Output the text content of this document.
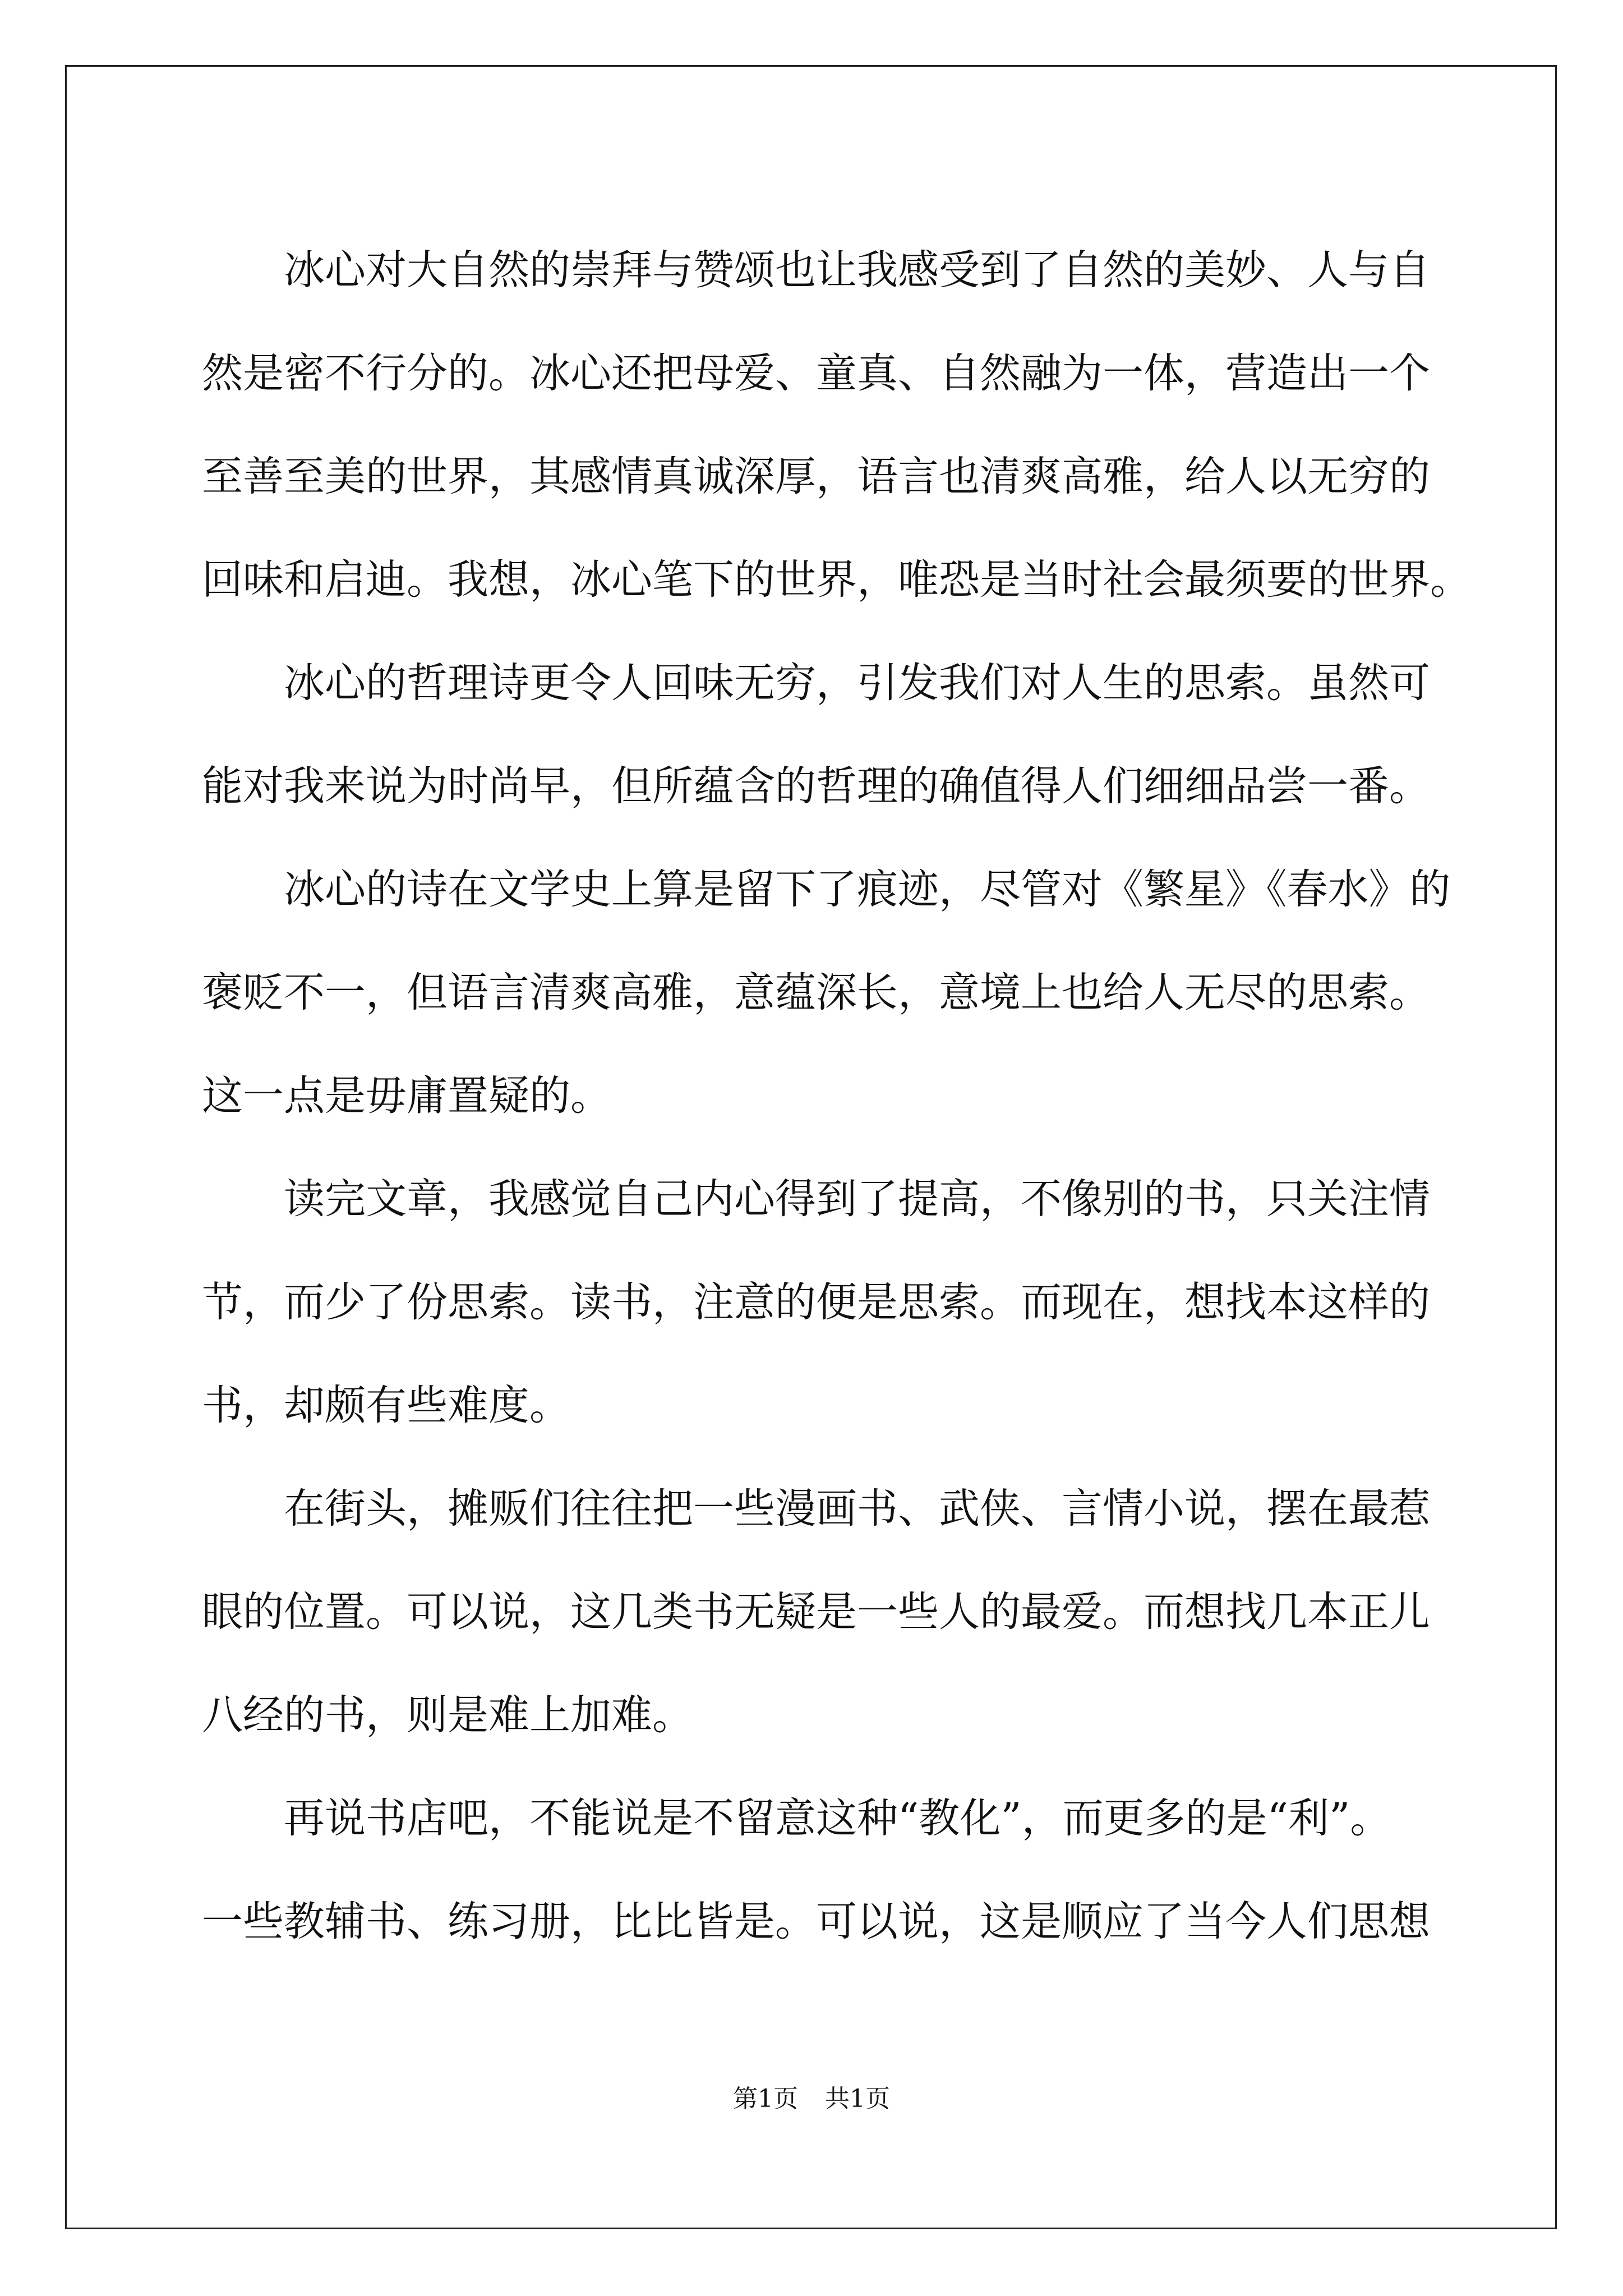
冰心对大自然的崇拜与赞颂也让我感受到了自然的美妙、人与自
然是密不行分的。冰心还把母爱、童真、自然融为一体，营造出一个
至善至美的世界，其感情真诚深厚，语言也清爽高雅，给人以无穷的
回味和启迪。我想，冰心笔下的世界，唯恐是当时社会最须要的世界。
冰心的哲理诗更令人回味无穷，引发我们对人生的思索。虽然可
能对我来说为时尚早，但所蕴含的哲理的确值得人们细细品尝一番。
冰心的诗在文学史上算是留下了痕迹，尽管对《繁星》《春水》的
褒贬不一，但语言清爽高雅，意蕴深长，意境上也给人无尽的思索。
这一点是毋庸置疑的。
读完文章，我感觉自己内心得到了提高，不像别的书，只关注情
节，而少了份思索。读书，注意的便是思索。而现在，想找本这样的
书，却颇有些难度。
在街头，摊贩们往往把一些漫画书、武侠、言情小说，摆在最惹
眼的位置。可以说，这几类书无疑是一些人的最爱。而想找几本正儿
八经的书，则是难上加难。
再说书店吧，不能说是不留意这种“教化”，而更多的是“利”。
一些教辅书、练习册，比比皆是。可以说，这是顺应了当今人们思想
第1页 共1页
